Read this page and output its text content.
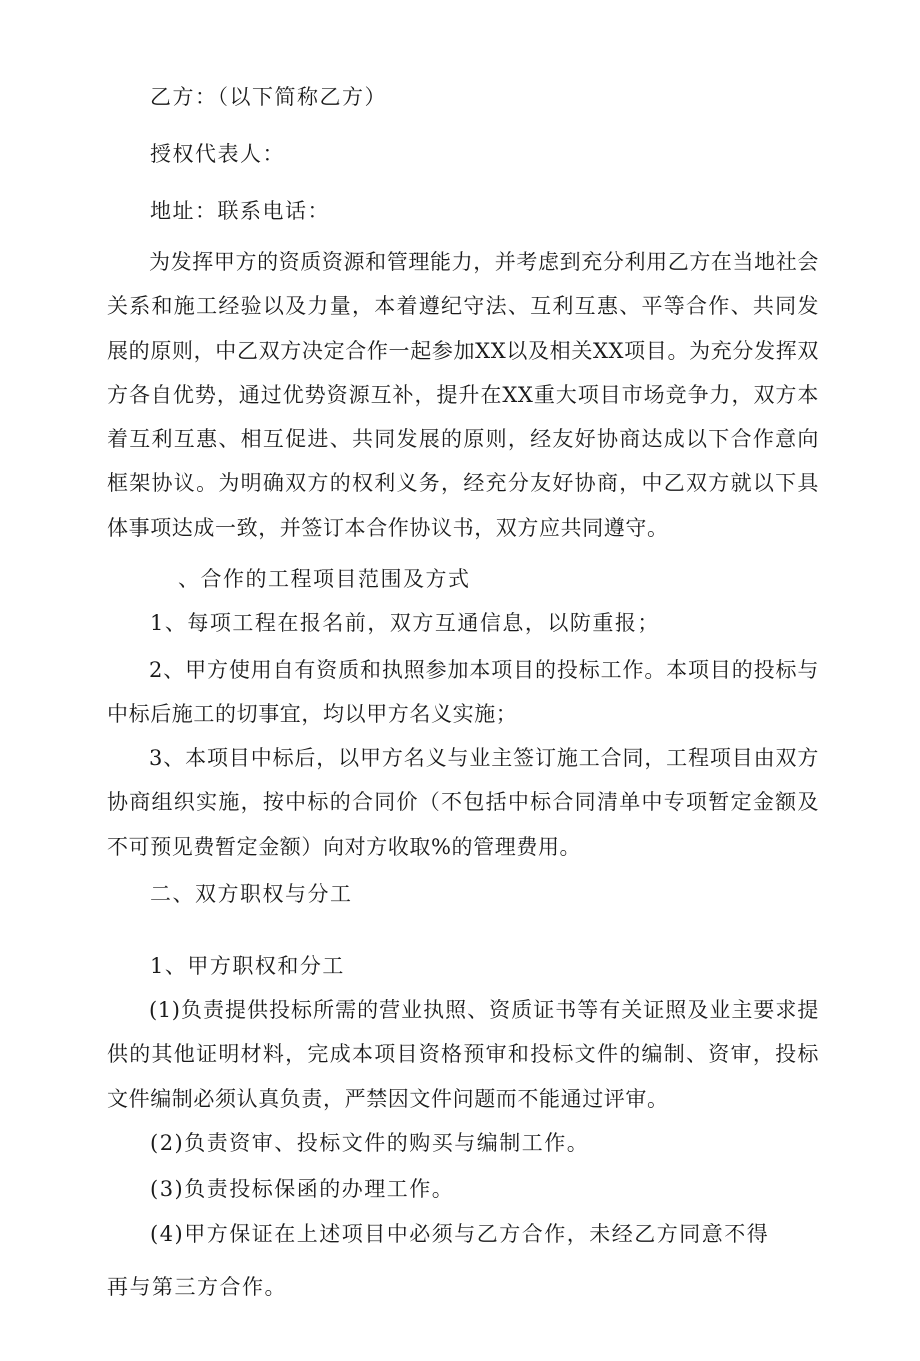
乙方：（以下简称乙方）
授权代表人：
地址：联系电话：
为发挥甲方的资质资源和管理能力，并考虑到充分利用乙方在当地社会关系和施工经验以及力量，本着遵纪守法、互利互惠、平等合作、共同发展的原则，中乙双方决定合作一起参加XX以及相关XX项目。为充分发挥双方各自优势，通过优势资源互补，提升在XX重大项目市场竞争力，双方本着互利互惠、相互促进、共同发展的原则，经友好协商达成以下合作意向框架协议。为明确双方的权利义务，经充分友好协商，中乙双方就以下具体事项达成一致，并签订本合作协议书，双方应共同遵守。
、合作的工程项目范围及方式
1、每项工程在报名前，双方互通信息，以防重报；
2、甲方使用自有资质和执照参加本项目的投标工作。本项目的投标与中标后施工的切事宜，均以甲方名义实施；
3、本项目中标后，以甲方名义与业主签订施工合同，工程项目由双方协商组织实施，按中标的合同价（不包括中标合同清单中专项暂定金额及不可预见费暂定金额）向对方收取%的管理费用。
二、双方职权与分工
1、甲方职权和分工
(1)负责提供投标所需的营业执照、资质证书等有关证照及业主要求提供的其他证明材料，完成本项目资格预审和投标文件的编制、资审，投标文件编制必须认真负责，严禁因文件问题而不能通过评审。
(2)负责资审、投标文件的购买与编制工作。
(3)负责投标保函的办理工作。
(4)甲方保证在上述项目中必须与乙方合作，未经乙方同意不得
再与第三方合作。
